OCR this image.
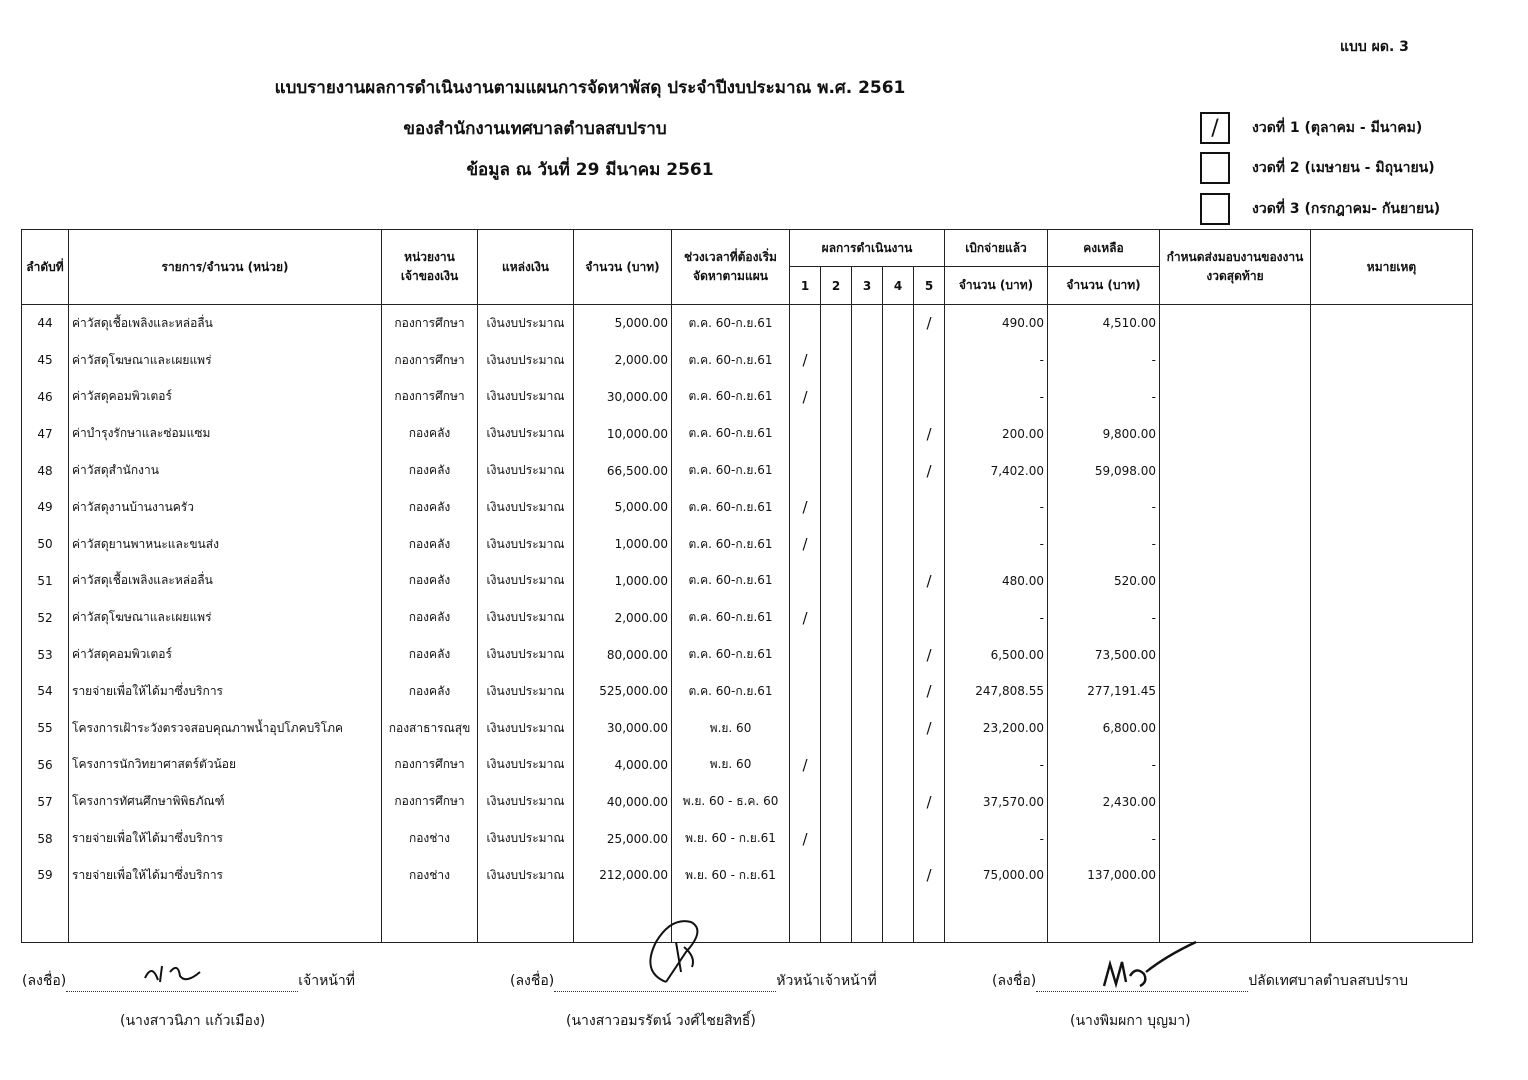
แบบ ผด. 3
แบบรายงานผลการดำเนินงานตามแผนการจัดหาพัสดุ ประจำปีงบประมาณ พ.ศ. 2561
ของสำนักงานเทศบาลตำบลสบปราบ
ข้อมูล ณ วันที่ 29 มีนาคม 2561
/ งวดที่ 1 (ตุลาคม - มีนาคม)
งวดที่ 2 (เมษายน - มิถุนายน)
งวดที่ 3 (กรกฎาคม- กันยายน)
ลำดับที่	รายการ/จำนวน (หน่วย)	หน่วยงานเจ้าของเงิน	แหล่งเงิน	จำนวน (บาท)	ช่วงเวลาที่ต้องเริ่มจัดหาตามแผน	ผลการดำเนินงาน					เบิกจ่ายแล้ว	คงเหลือ	กำหนดส่งมอบงานของงานงวดสุดท้าย	หมายเหตุ
						1	2	3	4	5	จำนวน (บาท)	จำนวน (บาท)		
44	ค่าวัสดุเชื้อเพลิงและหล่อลื่น	กองการศึกษา	เงินงบประมาณ	5,000.00	ต.ค. 60-ก.ย.61					/	490.00	4,510.00		
45	ค่าวัสดุโฆษณาและเผยแพร่	กองการศึกษา	เงินงบประมาณ	2,000.00	ต.ค. 60-ก.ย.61	/					-	-		
46	ค่าวัสดุคอมพิวเตอร์	กองการศึกษา	เงินงบประมาณ	30,000.00	ต.ค. 60-ก.ย.61	/					-	-		
47	ค่าบำรุงรักษาและซ่อมแซม	กองคลัง	เงินงบประมาณ	10,000.00	ต.ค. 60-ก.ย.61					/	200.00	9,800.00		
48	ค่าวัสดุสำนักงาน	กองคลัง	เงินงบประมาณ	66,500.00	ต.ค. 60-ก.ย.61					/	7,402.00	59,098.00		
49	ค่าวัสดุงานบ้านงานครัว	กองคลัง	เงินงบประมาณ	5,000.00	ต.ค. 60-ก.ย.61	/					-	-		
50	ค่าวัสดุยานพาหนะและขนส่ง	กองคลัง	เงินงบประมาณ	1,000.00	ต.ค. 60-ก.ย.61	/					-	-		
51	ค่าวัสดุเชื้อเพลิงและหล่อลื่น	กองคลัง	เงินงบประมาณ	1,000.00	ต.ค. 60-ก.ย.61					/	480.00	520.00		
52	ค่าวัสดุโฆษณาและเผยแพร่	กองคลัง	เงินงบประมาณ	2,000.00	ต.ค. 60-ก.ย.61	/					-	-		
53	ค่าวัสดุคอมพิวเตอร์	กองคลัง	เงินงบประมาณ	80,000.00	ต.ค. 60-ก.ย.61					/	6,500.00	73,500.00		
54	รายจ่ายเพื่อให้ได้มาซึ่งบริการ	กองคลัง	เงินงบประมาณ	525,000.00	ต.ค. 60-ก.ย.61					/	247,808.55	277,191.45		
55	โครงการเฝ้าระวังตรวจสอบคุณภาพน้ำอุปโภคบริโภค	กองสาธารณสุข	เงินงบประมาณ	30,000.00	พ.ย. 60					/	23,200.00	6,800.00		
56	โครงการนักวิทยาศาสตร์ตัวน้อย	กองการศึกษา	เงินงบประมาณ	4,000.00	พ.ย. 60	/					-	-		
57	โครงการทัศนศึกษาพิพิธภัณฑ์	กองการศึกษา	เงินงบประมาณ	40,000.00	พ.ย. 60 - ธ.ค. 60					/	37,570.00	2,430.00		
58	รายจ่ายเพื่อให้ได้มาซึ่งบริการ	กองช่าง	เงินงบประมาณ	25,000.00	พ.ย. 60 - ก.ย.61	/					-	-		
59	รายจ่ายเพื่อให้ได้มาซึ่งบริการ	กองช่าง	เงินงบประมาณ	212,000.00	พ.ย. 60 - ก.ย.61					/	75,000.00	137,000.00		

(ลงชื่อ)	เจ้าหน้าที่
(นางสาวนิภา แก้วเมือง)
(ลงชื่อ)	หัวหน้าเจ้าหน้าที่
(นางสาวอมรรัตน์ วงศ์ไชยสิทธิ์)
(ลงชื่อ)	ปลัดเทศบาลตำบลสบปราบ
(นางพิมผกา บุญมา)
